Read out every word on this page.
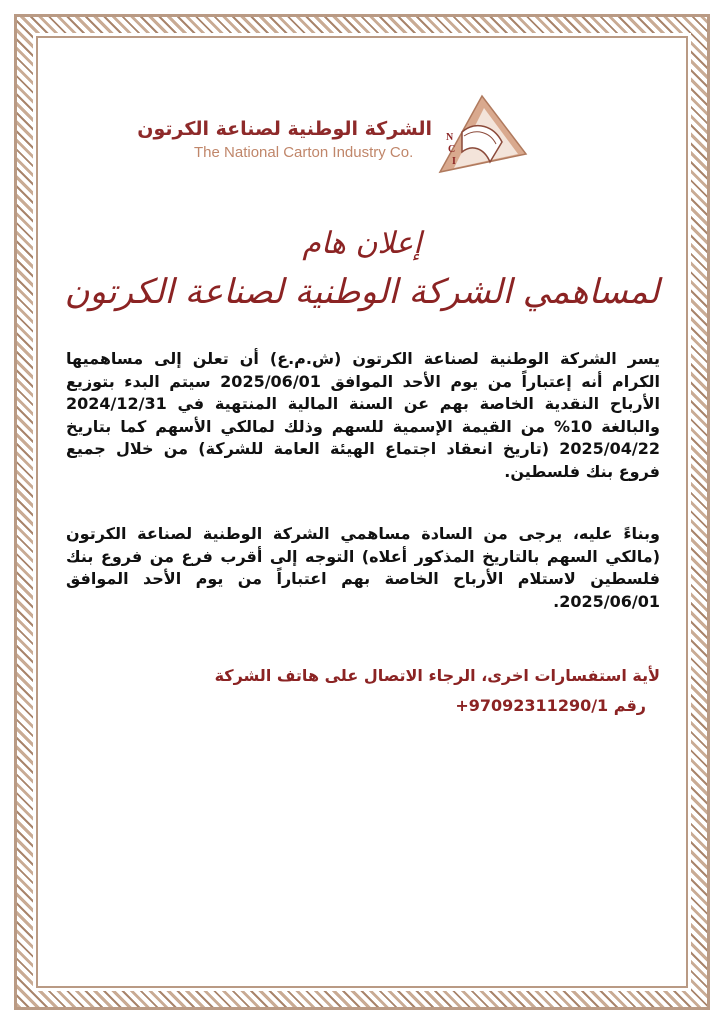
الشركة الوطنية لصناعة الكرتون
The National Carton Industry Co.
N
C
I
إعلان هام
لمساهمي الشركة الوطنية لصناعة الكرتون

يسر الشركة الوطنية لصناعة الكرتون (ش.م.ع) أن تعلن إلى مساهميها الكرام أنه إعتباراً من يوم الأحد الموافق 2025/06/01 سيتم البدء بتوزيع الأرباح النقدية الخاصة بهم عن السنة المالية المنتهية في 2024/12/31 والبالغة 10% من القيمة الإسمية للسهم وذلك لمالكي الأسهم كما بتاريخ 2025/04/22 (تاريخ انعقاد اجتماع الهيئة العامة للشركة) من خلال جميع فروع بنك فلسطين.

وبناءً عليه، يرجى من السادة مساهمي الشركة الوطنية لصناعة الكرتون (مالكي السهم بالتاريخ المذكور أعلاه) التوجه إلى أقرب فرع من فروع بنك فلسطين لاستلام الأرباح الخاصة بهم اعتباراً من يوم الأحد الموافق 2025/06/01.

لأية استفسارات اخرى، الرجاء الاتصال على هاتف الشركة
رقم +97092311290/1
